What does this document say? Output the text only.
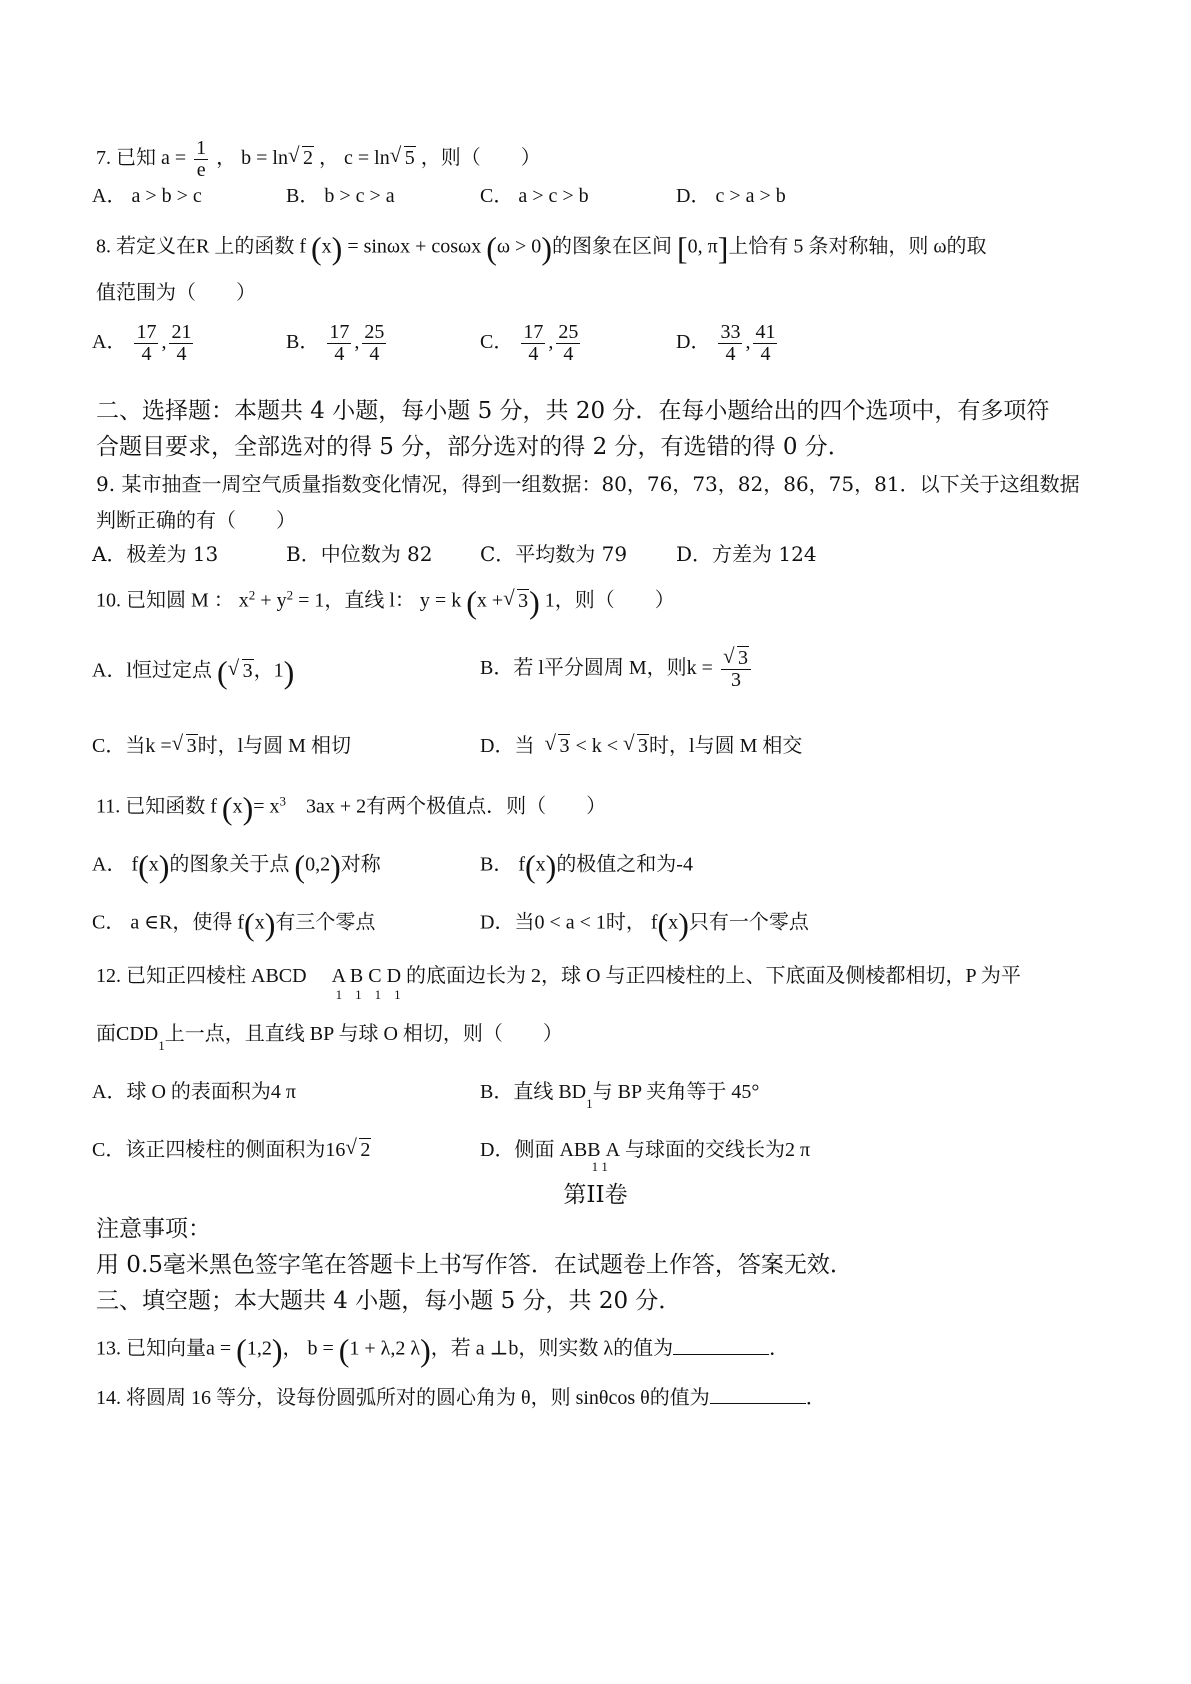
7. 已知 $a = \frac{1}{e}$ ， b = ln √ 2 ， c = ln √ 5 ，则（　　）
A． a > b > c	B． b > c > a	C． a > c > b	D． c > a > b
8. 若定义在R 上的函数 f (x) = sinωx + cosωx (ω > 0)的图象在区间 [0, π]上恰有 5 条对称轴，则 ω的取
值范围为（　　）
A． $\frac{17}{4}$ , $\frac{21}{4}$	B． $\frac{17}{4}$ , $\frac{25}{4}$	C． $\frac{17}{4}$ , $\frac{25}{4}$	D． $\frac{33}{4}$ , $\frac{41}{4}$
二、选择题：本题共 4 小题，每小题 5 分，共 20 分．在每小题给出的四个选项中，有多项符
合题目要求，全部选对的得 5 分，部分选对的得 2 分，有选错的得 0 分．
9. 某市抽查一周空气质量指数变化情况，得到一组数据：80，76，73，82，86，75，81．以下关于这组数据
判断正确的有（　　）
A．极差为 13	B．中位数为 82 C．平均数为 79 D．方差为 124
10. 已知圆 M ： $x^2 + y^2 = 1$，直线 l： y = k (x + √ 3) 1，则（　　）
A．l恒过定点 ( √ 3，1)	B．若 l平分圆周 M，则k = √ $\frac{3}{3}$
C．当k = √ 3时，l与圆 M 相切	D．当 √ 3 < k < √ 3时，l与圆 M 相交
11. 已知函数 f $(x)= x^3$ 3ax + 2有两个极值点．则（　　）
A． f(x)的图象关于点 (0,2)对称	B． f(x)的极值之和为-4
C． a ∈R，使得 f(x)有三个零点	D．当0 < a < 1时， f(x)只有一个零点
12. 已知正四棱柱 ABCD A B C D
1　1　1　1
的底面边长为 2，球 O 与正四棱柱的上、下底面及侧棱都相切，P 为平
面$CDD_1$上一点，且直线 BP 与球 O 相切，则（　　）
A．球 O 的表面积为4 π	B．直线 $BD_1$与 BP 夹角等于 45°
C．该正四棱柱的侧面积为16 √ 2	D．侧面 ABB A
1 1
与球面的交线长为2 π
第II卷
注意事项：
用 0.5毫米黑色签字笔在答题卡上书写作答．在试题卷上作答，答案无效．
三、填空题；本大题共 4 小题，每小题 5 分，共 20 分．
13. 已知向量a = (1,2)， b = (1 + λ,2 λ)，若 a ⊥b，则实数 λ的值为	．
14. 将圆周 16 等分，设每份圆弧所对的圆心角为 θ，则 sinθcos θ的值为	．
